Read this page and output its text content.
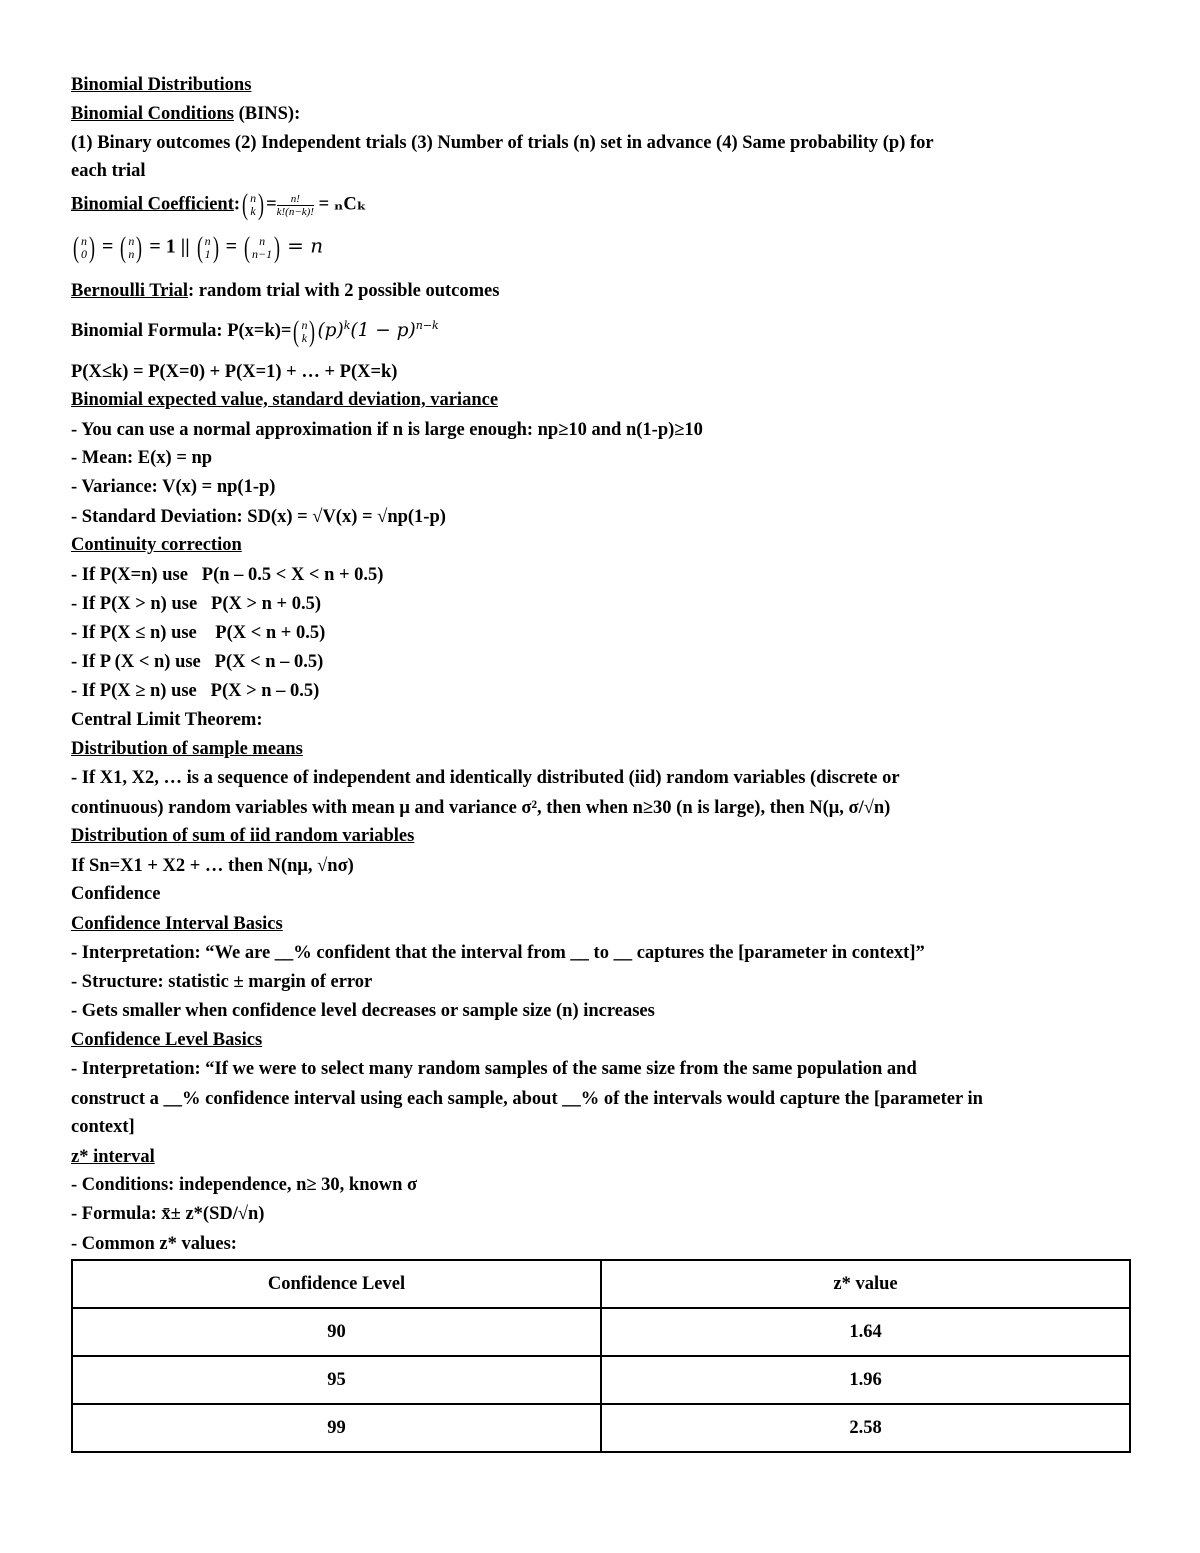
Binomial Distributions
Binomial Conditions (BINS):
(1) Binary outcomes (2) Independent trials (3) Number of trials (n) set in advance (4) Same probability (p) for
each trial
Binomial Coefficient: ( n
k ) = $\frac{n!}{k!(n-k)!} = _nC_k$
( n
0 ) = ( n
n ) = 1 || ( n
1 ) = ( n
n−1 ) = n
Bernoulli Trial: random trial with 2 possible outcomes
Binomial Formula: P(x=k)= ( n
k ) $(p)^k(1 - p)^{n-k}$
P(X≤k) = P(X=0) + P(X=1) + … + P(X=k)
Binomial expected value, standard deviation, variance
- You can use a normal approximation if n is large enough: np≥10 and n(1-p)≥10
- Mean: E(x) = np
- Variance: V(x) = np(1-p)
- Standard Deviation: SD(x) = √V(x) = √np(1-p)
Continuity correction
- If P(X=n) use   P(n – 0.5 < X < n + 0.5)
- If P(X > n) use   P(X > n + 0.5)
- If P(X ≤ n) use    P(X < n + 0.5)
- If P (X < n) use   P(X < n – 0.5)
- If P(X ≥ n) use   P(X > n – 0.5)
Central Limit Theorem:
Distribution of sample means
- If X1, X2, … is a sequence of independent and identically distributed (iid) random variables (discrete or
continuous) random variables with mean μ and variance σ², then when n≥30 (n is large), then N(μ, σ/√n)
Distribution of sum of iid random variables
If Sn=X1 + X2 + … then N(nμ, √nσ)
Confidence
Confidence Interval Basics
- Interpretation: “We are __% confident that the interval from __ to __ captures the [parameter in context]”
- Structure: statistic ± margin of error
- Gets smaller when confidence level decreases or sample size (n) increases
Confidence Level Basics
- Interpretation: “If we were to select many random samples of the same size from the same population and
construct a __% confidence interval using each sample, about __% of the intervals would capture the [parameter in
context]
z* interval
- Conditions: independence, n≥ 30, known σ
- Formula: x̄± z*(SD/√n)
- Common z* values:
Confidence Level	z* value
90	1.64
95	1.96
99	2.58
